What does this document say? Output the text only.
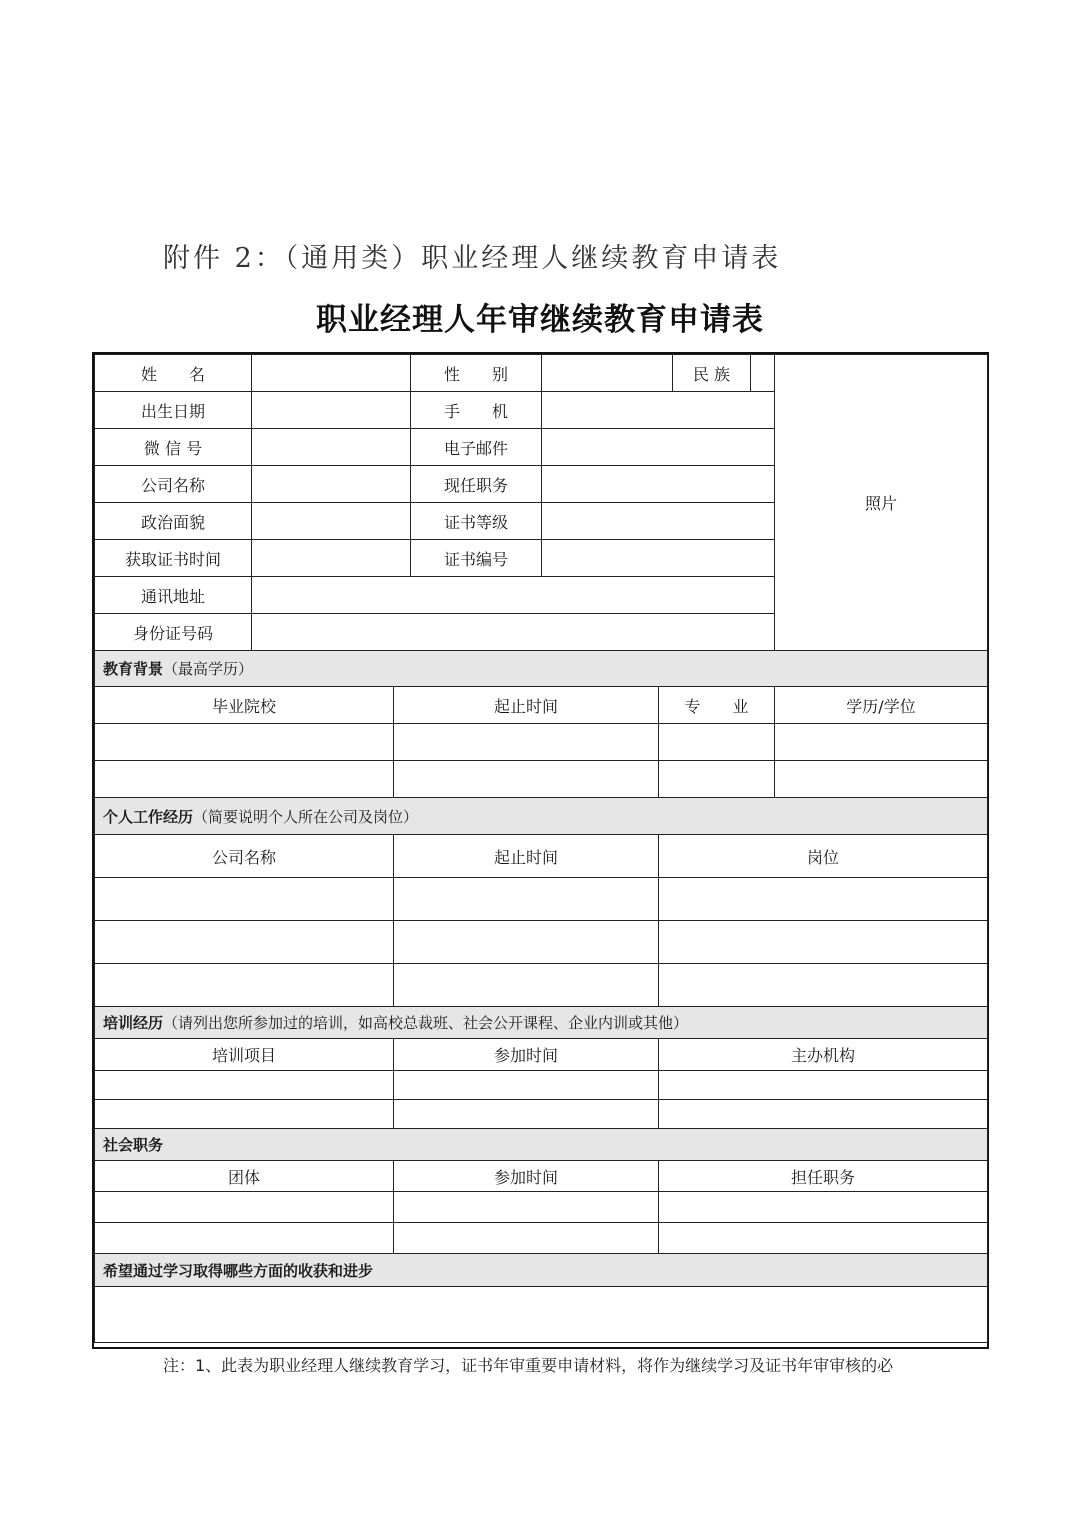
附件 2：（通用类）职业经理人继续教育申请表
职业经理人年审继续教育申请表
姓　　名			性　　别			民 族		照片
出生日期			手　　机					
微 信 号			电子邮件					
公司名称			现任职务					
政治面貌			证书等级					
获取证书时间			证书编号					
通讯地址								
身份证号码								
教育背景（最高学历）								
毕业院校		起止时间			专　　业			学历/学位

个人工作经历（简要说明个人所在公司及岗位）								
公司名称		起止时间			岗位			

培训经历（请列出您所参加过的培训，如高校总裁班、社会公开课程、企业内训或其他）								
培训项目		参加时间			主办机构			

社会职务								
团体		参加时间			担任职务			

希望通过学习取得哪些方面的收获和进步								

注：1、此表为职业经理人继续教育学习，证书年审重要申请材料，将作为继续学习及证书年审审核的必
